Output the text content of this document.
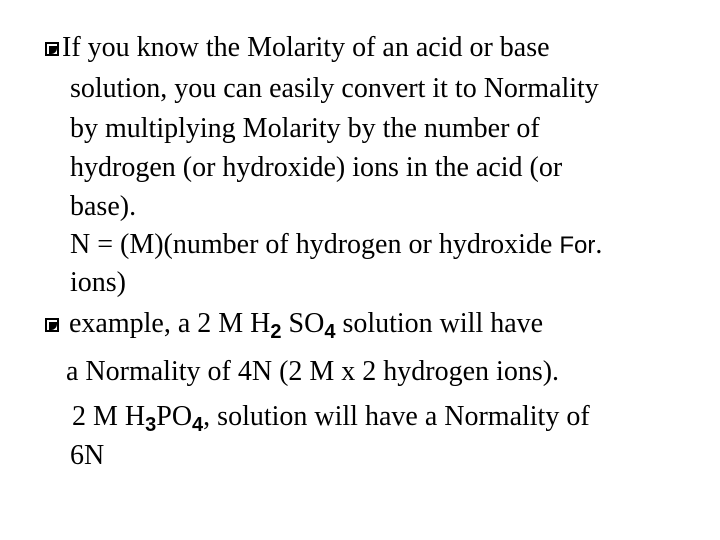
If you know the Molarity of an acid or base
solution, you can easily convert it to Normality
by multiplying Molarity by the number of
hydrogen (or hydroxide) ions in the acid (or
base).
N = (M)(number of hydrogen or hydroxide For.
ions)
example, a 2 M $H_2$ $SO_4$ solution will have
a Normality of 4N (2 M x 2 hydrogen ions).
2 M $H_3PO_4$, solution will have a Normality of
6N
